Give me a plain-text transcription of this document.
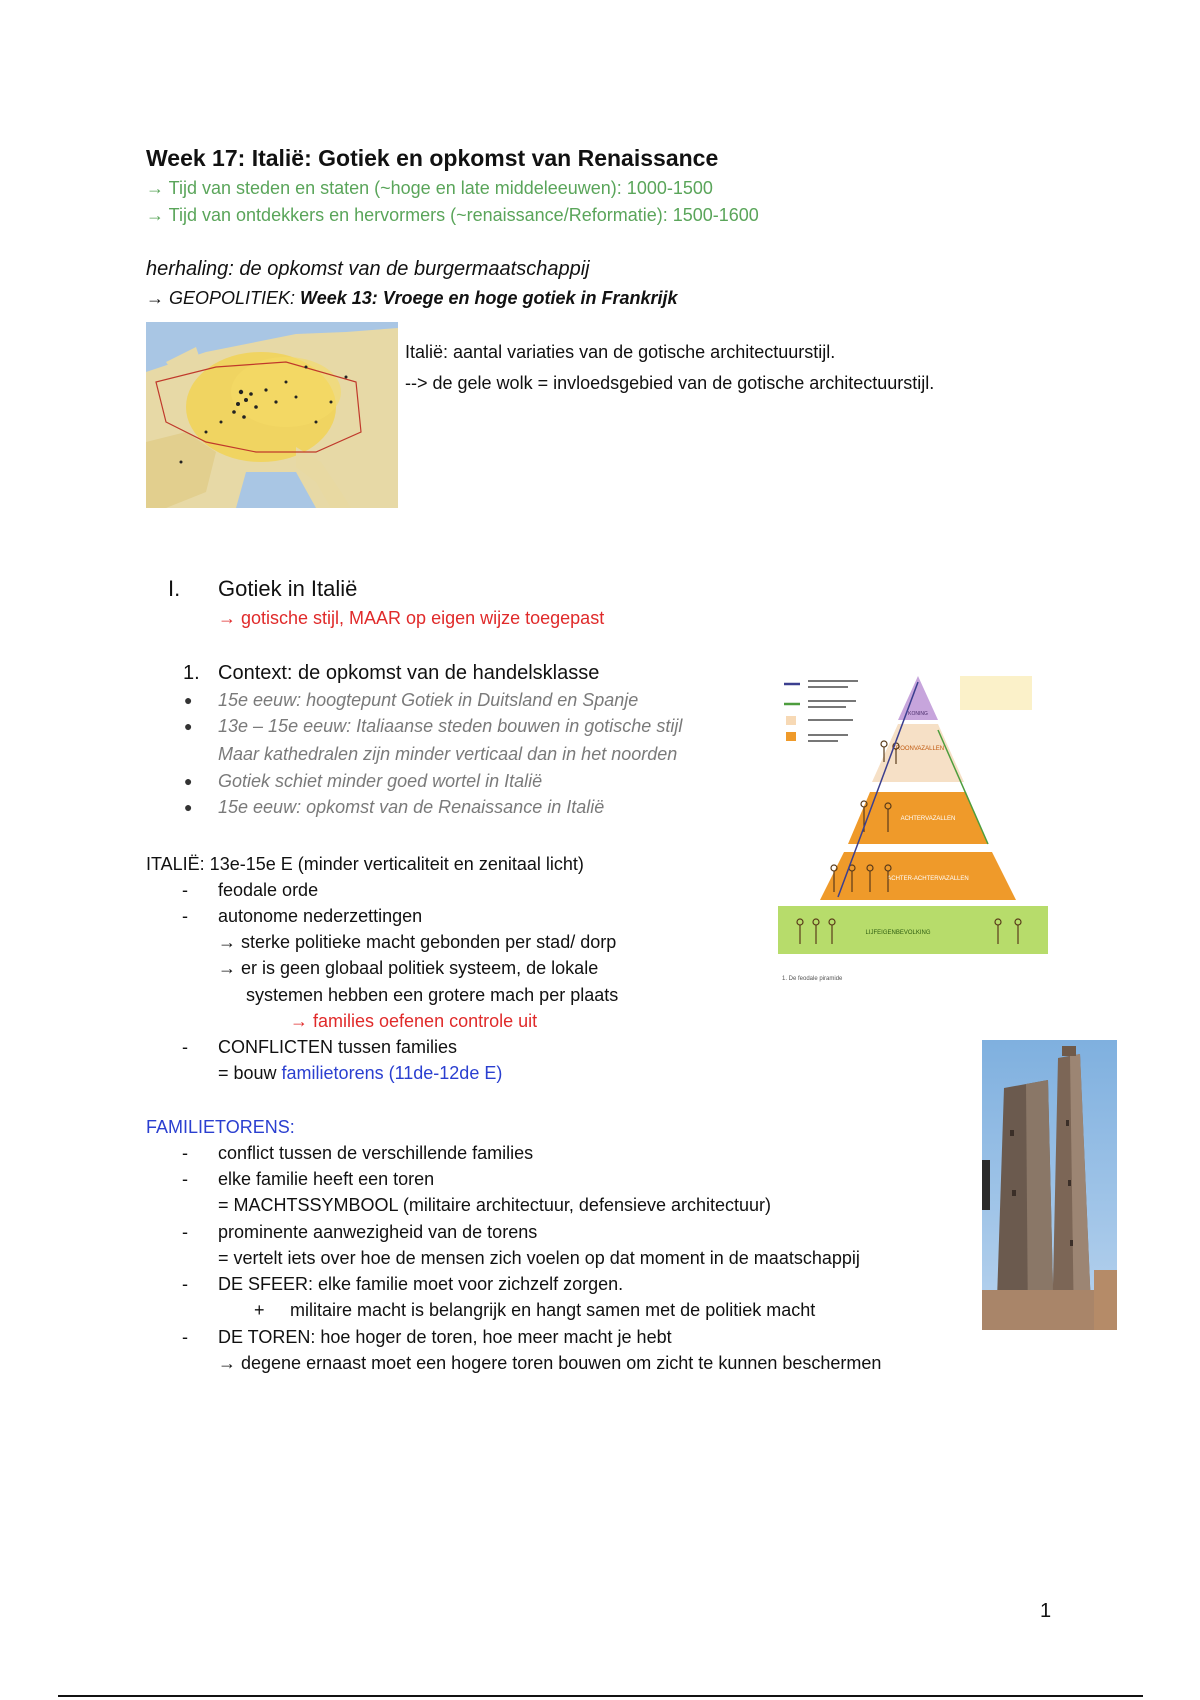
Week 17: Italië: Gotiek en opkomst van Renaissance
→ Tijd van steden en staten (~hoge en late middeleeuwen): 1000-1500
→ Tijd van ontdekkers en hervormers (~renaissance/Reformatie): 1500-1600
herhaling: de opkomst van de burgermaatschappij
→ GEOPOLITIEK: Week 13: Vroege en hoge gotiek in Frankrijk
Italië: aantal variaties van de gotische architectuurstijl.
--> de gele wolk = invloedsgebied van de gotische architectuurstijl.
I. Gotiek in Italië
→ gotische stijl, MAAR op eigen wijze toegepast
1. Context: de opkomst van de handelsklasse
● 15e eeuw: hoogtepunt Gotiek in Duitsland en Spanje
● 13e – 15e eeuw: Italiaanse steden bouwen in gotische stijl
Maar kathedralen zijn minder verticaal dan in het noorden
● Gotiek schiet minder goed wortel in Italië
● 15e eeuw: opkomst van de Renaissance in Italië
KONING
KROONVAZALLEN
ACHTERVAZALLEN
ACHTER-ACHTERVAZALLEN
LIJFEIGENBEVOLKING
1. De feodale piramide
ITALIË: 13e-15e E (minder verticaliteit en zenitaal licht)
- feodale orde
- autonome nederzettingen
→ sterke politieke macht gebonden per stad/ dorp
→ er is geen globaal politiek systeem, de lokale
systemen hebben een grotere mach per plaats
→ families oefenen controle uit
- CONFLICTEN tussen families
= bouw familietorens (11de-12de E)
FAMILIETORENS:
- conflict tussen de verschillende families
- elke familie heeft een toren
= MACHTSSYMBOOL (militaire architectuur, defensieve architectuur)
- prominente aanwezigheid van de torens
= vertelt iets over hoe de mensen zich voelen op dat moment in de maatschappij
- DE SFEER: elke familie moet voor zichzelf zorgen.
+ militaire macht is belangrijk en hangt samen met de politiek macht
- DE TOREN: hoe hoger de toren, hoe meer macht je hebt
→ degene ernaast moet een hogere toren bouwen om zicht te kunnen beschermen
1
